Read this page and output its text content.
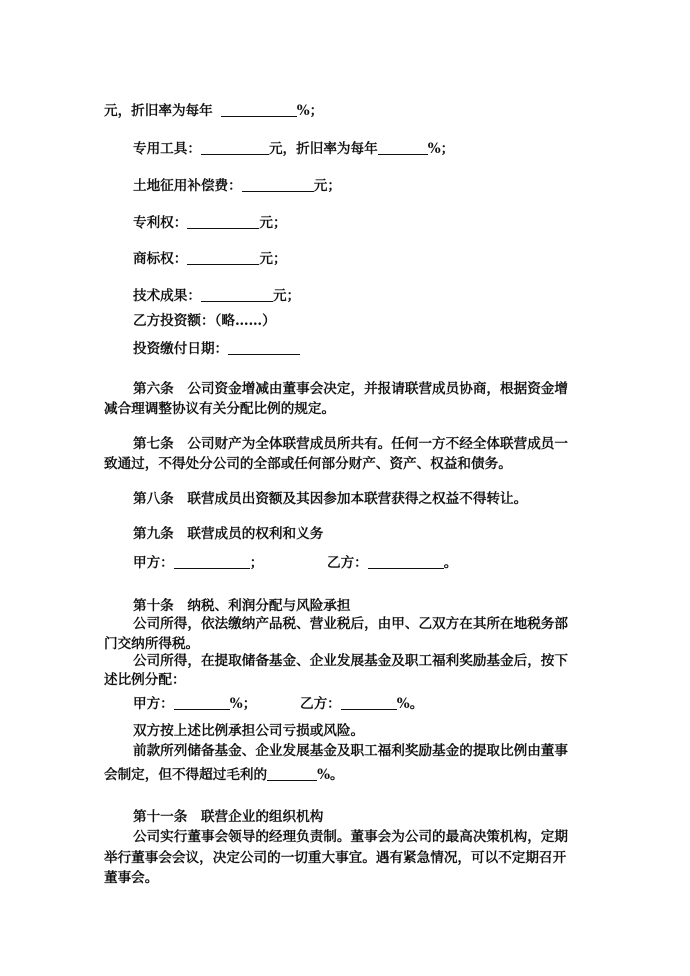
元，折旧率为每年	%；
专用工具：	元，折旧率为每年	%；
土地征用补偿费：	元；
专利权：	元；
商标权：	元；
技术成果：	元；
乙方投资额：（略……）
投资缴付日期：
第六条　公司资金增减由董事会决定，并报请联营成员协商，根据资金增
减合理调整协议有关分配比例的规定。
第七条　公司财产为全体联营成员所共有。任何一方不经全体联营成员一
致通过，不得处分公司的全部或任何部分财产、资产、权益和债务。
第八条　联营成员出资额及其因参加本联营获得之权益不得转让。
第九条　联营成员的权利和义务
甲方：	；	乙方：	。
第十条　纳税、利润分配与风险承担
公司所得，依法缴纳产品税、营业税后，由甲、乙双方在其所在地税务部
门交纳所得税。
公司所得，在提取储备基金、企业发展基金及职工福利奖励基金后，按下
述比例分配：
甲方：	%；	乙方：	%。
双方按上述比例承担公司亏损或风险。
前款所列储备基金、企业发展基金及职工福利奖励基金的提取比例由董事
会制定，但不得超过毛利的	%。
第十一条　联营企业的组织机构
公司实行董事会领导的经理负责制。董事会为公司的最高决策机构，定期
举行董事会会议，决定公司的一切重大事宜。遇有紧急情况，可以不定期召开
董事会。
